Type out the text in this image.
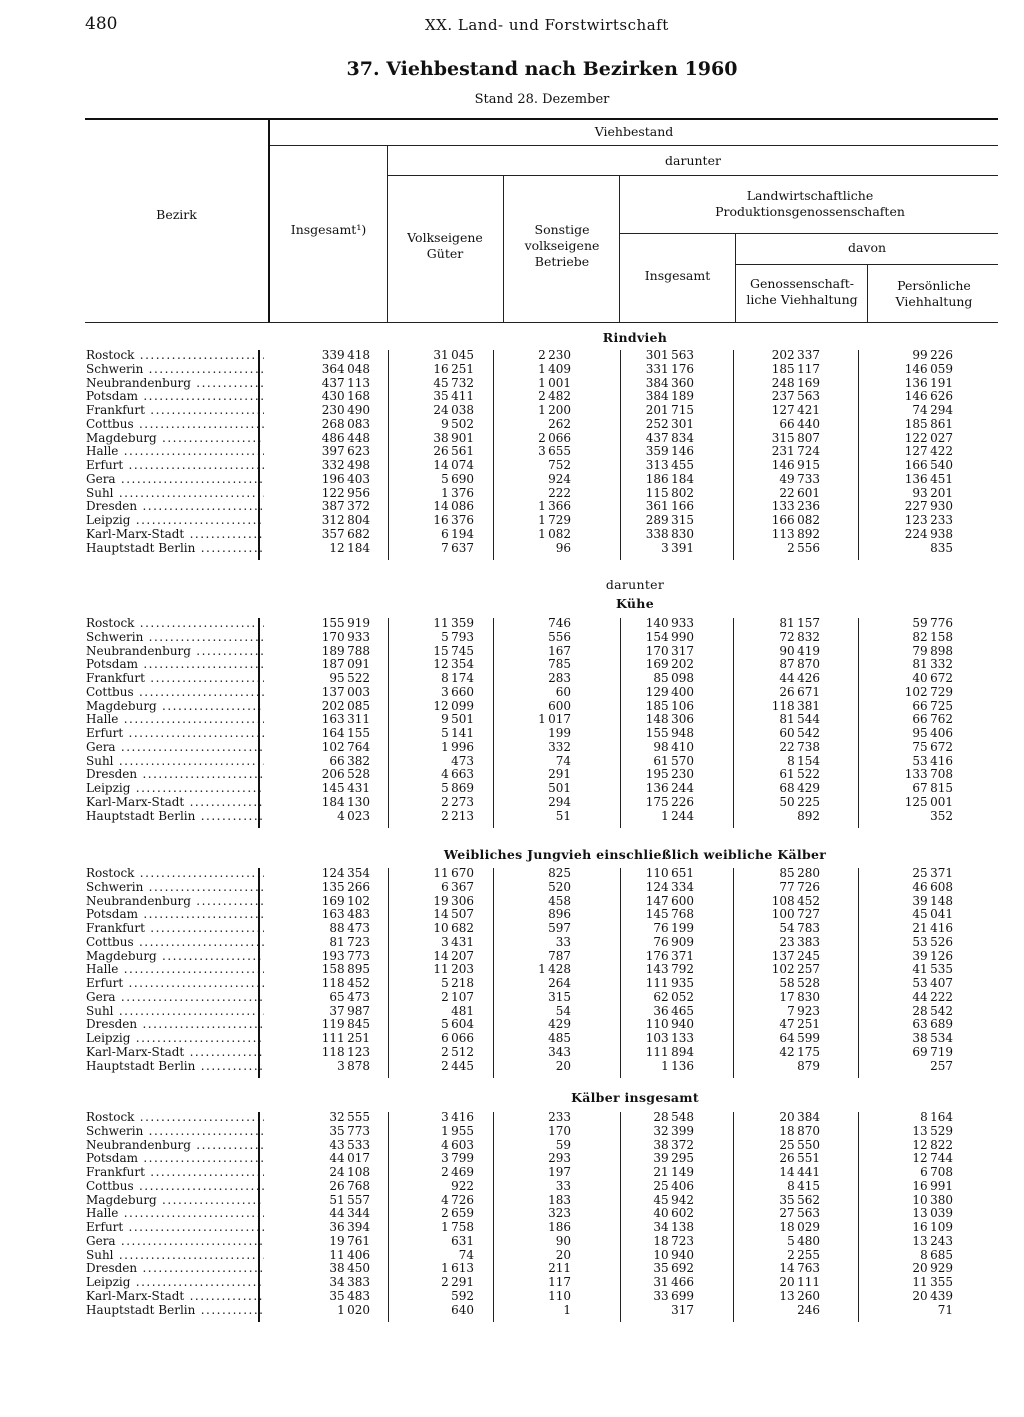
480	XX. Land- und Forstwirtschaft
37. Viehbestand nach Bezirken 1960
Stand 28. Dezember
Bezirk
Viehbestand
Insgesamt¹)
darunter
Volkseigene Güter
Sonstige volkseigene Betriebe
Landwirtschaftliche Produktionsgenossenschaften
Insgesamt
davon
Genossenschaft-liche Viehhaltung
Persönliche Viehhaltung
Rindvieh
Rostock .....	339 418	31 045	2 230	301 563	202 337	99 226
Schwerin .....	364 048	16 251	1 409	331 176	185 117	146 059
Neubrandenburg .....	437 113	45 732	1 001	384 360	248 169	136 191
Potsdam .....	430 168	35 411	2 482	384 189	237 563	146 626
Frankfurt .....	230 490	24 038	1 200	201 715	127 421	74 294
Cottbus .....	268 083	9 502	262	252 301	66 440	185 861
Magdeburg .....	486 448	38 901	2 066	437 834	315 807	122 027
Halle .....	397 623	26 561	3 655	359 146	231 724	127 422
Erfurt .....	332 498	14 074	752	313 455	146 915	166 540
Gera .....	196 403	5 690	924	186 184	49 733	136 451
Suhl .....	122 956	1 376	222	115 802	22 601	93 201
Dresden .....	387 372	14 086	1 366	361 166	133 236	227 930
Leipzig .....	312 804	16 376	1 729	289 315	166 082	123 233
Karl-Marx-Stadt .....	357 682	6 194	1 082	338 830	113 892	224 938
Hauptstadt Berlin .....	12 184	7 637	96	3 391	2 556	835
darunter
Kühe
Rostock .....	155 919	11 359	746	140 933	81 157	59 776
Schwerin .....	170 933	5 793	556	154 990	72 832	82 158
Neubrandenburg .....	189 788	15 745	167	170 317	90 419	79 898
Potsdam .....	187 091	12 354	785	169 202	87 870	81 332
Frankfurt .....	95 522	8 174	283	85 098	44 426	40 672
Cottbus .....	137 003	3 660	60	129 400	26 671	102 729
Magdeburg .....	202 085	12 099	600	185 106	118 381	66 725
Halle .....	163 311	9 501	1 017	148 306	81 544	66 762
Erfurt .....	164 155	5 141	199	155 948	60 542	95 406
Gera .....	102 764	1 996	332	98 410	22 738	75 672
Suhl .....	66 382	473	74	61 570	8 154	53 416
Dresden .....	206 528	4 663	291	195 230	61 522	133 708
Leipzig .....	145 431	5 869	501	136 244	68 429	67 815
Karl-Marx-Stadt .....	184 130	2 273	294	175 226	50 225	125 001
Hauptstadt Berlin .....	4 023	2 213	51	1 244	892	352
Weibliches Jungvieh einschließlich weibliche Kälber
Rostock .....	124 354	11 670	825	110 651	85 280	25 371
Schwerin .....	135 266	6 367	520	124 334	77 726	46 608
Neubrandenburg .....	169 102	19 306	458	147 600	108 452	39 148
Potsdam .....	163 483	14 507	896	145 768	100 727	45 041
Frankfurt .....	88 473	10 682	597	76 199	54 783	21 416
Cottbus .....	81 723	3 431	33	76 909	23 383	53 526
Magdeburg .....	193 773	14 207	787	176 371	137 245	39 126
Halle .....	158 895	11 203	1 428	143 792	102 257	41 535
Erfurt .....	118 452	5 218	264	111 935	58 528	53 407
Gera .....	65 473	2 107	315	62 052	17 830	44 222
Suhl .....	37 987	481	54	36 465	7 923	28 542
Dresden .....	119 845	5 604	429	110 940	47 251	63 689
Leipzig .....	111 251	6 066	485	103 133	64 599	38 534
Karl-Marx-Stadt .....	118 123	2 512	343	111 894	42 175	69 719
Hauptstadt Berlin .....	3 878	2 445	20	1 136	879	257
Kälber insgesamt
Rostock .....	32 555	3 416	233	28 548	20 384	8 164
Schwerin .....	35 773	1 955	170	32 399	18 870	13 529
Neubrandenburg .....	43 533	4 603	59	38 372	25 550	12 822
Potsdam .....	44 017	3 799	293	39 295	26 551	12 744
Frankfurt .....	24 108	2 469	197	21 149	14 441	6 708
Cottbus .....	26 768	922	33	25 406	8 415	16 991
Magdeburg .....	51 557	4 726	183	45 942	35 562	10 380
Halle .....	44 344	2 659	323	40 602	27 563	13 039
Erfurt .....	36 394	1 758	186	34 138	18 029	16 109
Gera .....	19 761	631	90	18 723	5 480	13 243
Suhl .....	11 406	74	20	10 940	2 255	8 685
Dresden .....	38 450	1 613	211	35 692	14 763	20 929
Leipzig .....	34 383	2 291	117	31 466	20 111	11 355
Karl-Marx-Stadt .....	35 483	592	110	33 699	13 260	20 439
Hauptstadt Berlin .....	1 020	640	1	317	246	71
